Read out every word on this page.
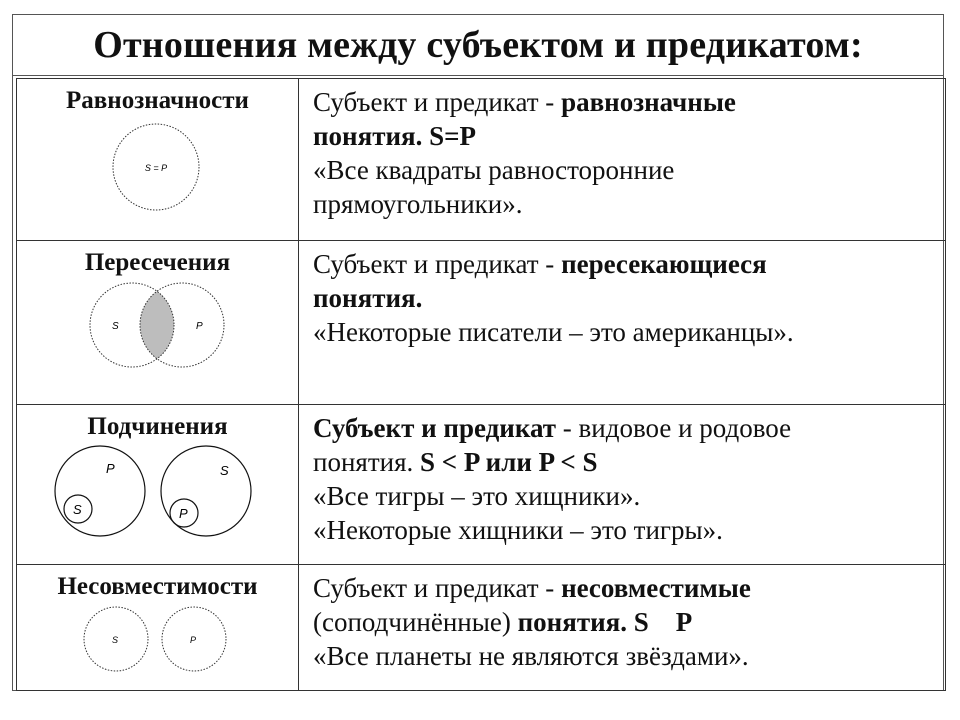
Отношения между субъектом и предикатом:
Равнозначности
S = P	Субъект и предикат - равнозначные
понятия. S=P
«Все квадраты равносторонние
прямоугольники».

Пересечения
S P	Субъект и предикат - пересекающиеся
понятия.
«Некоторые писатели – это американцы».

Подчинения
P
S
S
P	Субъект и предикат - видовое и родовое
понятия. S < P или P < S
«Все тигры – это хищники».
«Некоторые хищники – это тигры».

Несовместимости
S P	Субъект и предикат - несовместимые
(соподчинённые) понятия. S    P
«Все планеты не являются звёздами».
